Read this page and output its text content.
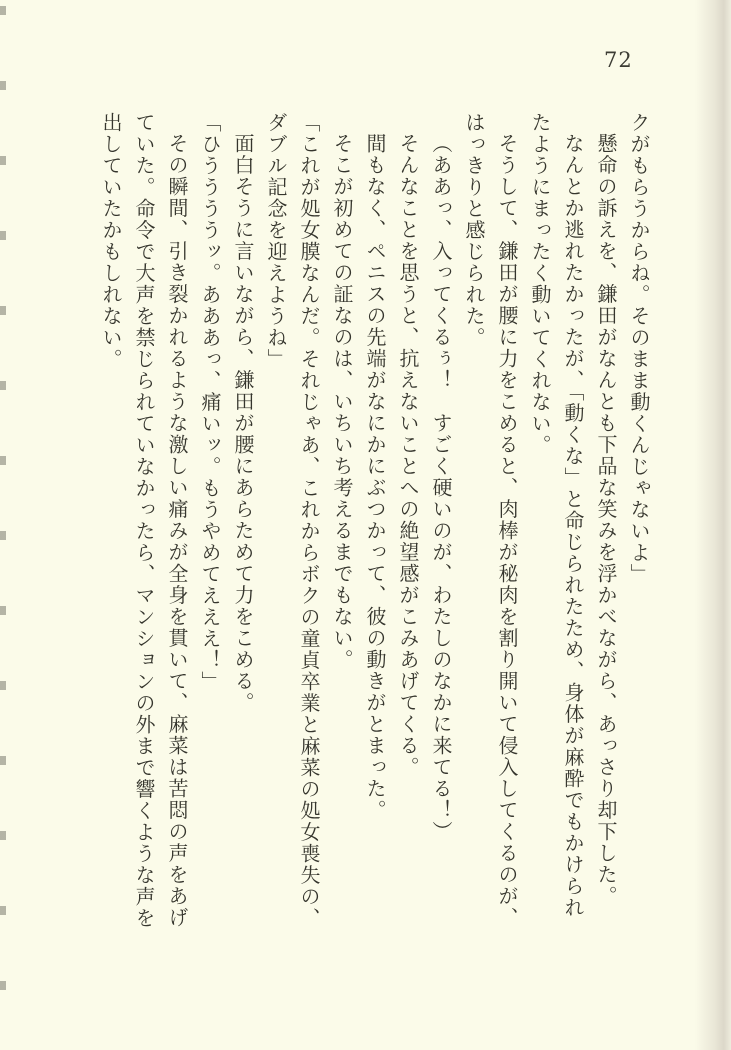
72

クがもらうからね。そのまま動くんじゃないよ」

懸命の訴えを、鎌田がなんとも下品な笑みを浮かべながら、あっさり却下した。

なんとか逃れたかったが、「動くな」と命じられたため、身体が麻酔でもかけられ

たようにまったく動いてくれない。

そうして、鎌田が腰に力をこめると、肉棒が秘肉を割り開いて侵入してくるのが、

はっきりと感じられた。

（ああっ、入ってくるぅ！　すごく硬いのが、わたしのなかに来てる！）

そんなことを思うと、抗えないことへの絶望感がこみあげてくる。

間もなく、ペニスの先端がなにかにぶつかって、彼の動きがとまった。

そこが初めての証なのは、いちいち考えるまでもない。

「これが処女膜なんだ。それじゃあ、これからボクの童貞卒業と麻菜の処女喪失の、

ダブル記念を迎えようね」

面白そうに言いながら、鎌田が腰にあらためて力をこめる。

「ひううううッ。あああっ、痛いッ。もうやめてえええ！」

その瞬間、引き裂かれるような激しい痛みが全身を貫いて、麻菜は苦悶の声をあげ

ていた。命令で大声を禁じられていなかったら、マンションの外まで響くような声を

出していたかもしれない。
